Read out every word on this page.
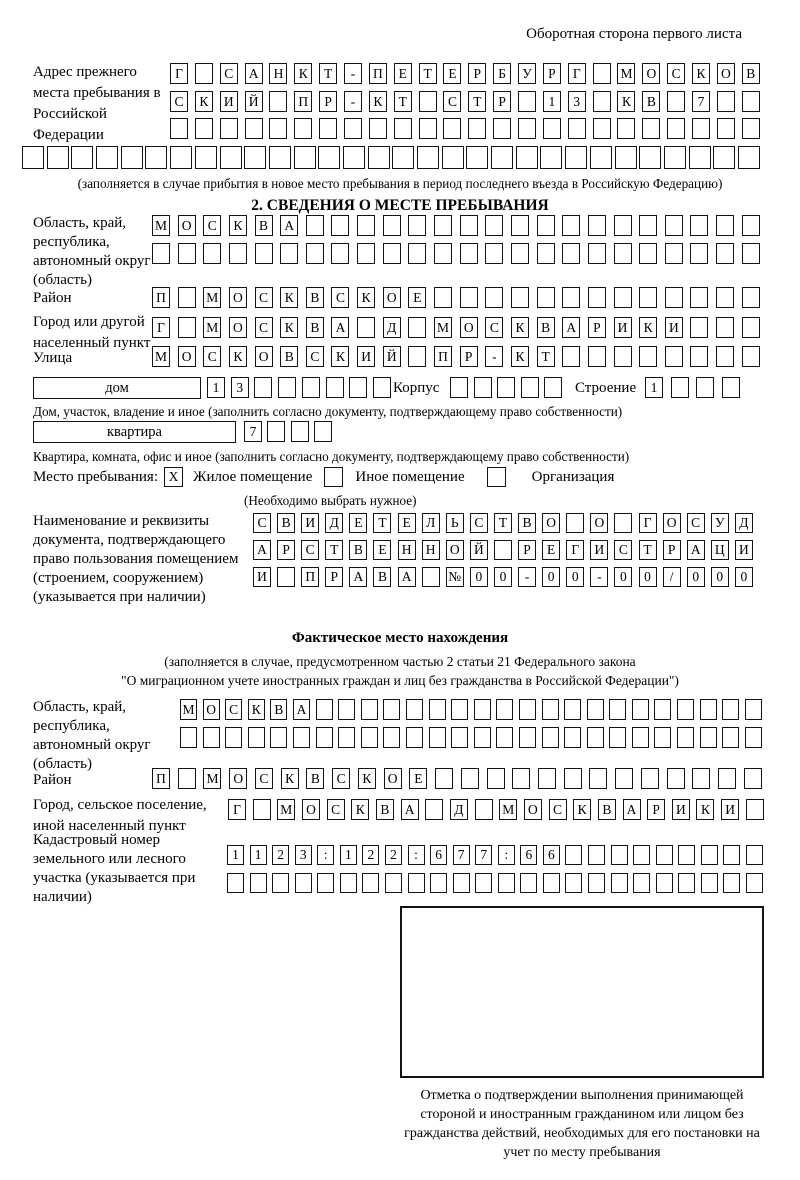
Оборотная сторона первого листа
Адрес прежнего места пребывания в Российской Федерации
Г	С	А	Н	К	Т	-	П	Е	Т	Е	Р	Б	У	Р	Г	М	О	С	К	О	В
С	К	И	Й	П	Р	-	К	Т	С	Т	Р	1	3	К	В	7
(заполняется в случае прибытия в новое место пребывания в период последнего въезда в Российскую Федерацию)
2. СВЕДЕНИЯ О МЕСТЕ ПРЕБЫВАНИЯ
Область, край, республика, автономный округ (область)
М	О	С	К	В	А
Район	П	М	О	С	К	В	С	К	О	Е
Город или другой населенный пункт
Г	М	О	С	К	В	А	Д	М	О	С	К	В	А	Р	И	К	И
Улица	М	О	С	К	О	В	С	К	И	Й	П	Р	-	К	Т
дом	1	3	Корпус	Строение	1
Дом, участок, владение и иное (заполнить согласно документу, подтверждающему право собственности)
квартира	7
Квартира, комната, офис и иное (заполнить согласно документу, подтверждающему право собственности)
Место пребывания: X Жилое помещение	Иное помещение	Организация
(Необходимо выбрать нужное)
Наименование и реквизиты документа, подтверждающего право пользования помещением (строением, сооружением) (указывается при наличии)
С	В	И	Д	Е	Т	Е	Л	Ь	С	Т	В	О	О	Г	О	С	У	Д
А	Р	С	Т	В	Е	Н	Н	О	Й	Р	Е	Г	И	С	Т	Р	А	Ц	И
И	П	Р	А	В	А	№	0	0	-	0	0	-	0	0	/	0	0	0
Фактическое место нахождения
(заполняется в случае, предусмотренном частью 2 статьи 21 Федерального закона
"О миграционном учете иностранных граждан и лиц без гражданства в Российской Федерации")
Область, край, республика, автономный округ (область)
М О С К В А
Район	П	М	О	С	К	В	С	К	О	Е
Город, сельское поселение, иной населенный пункт
Г	М	О	С	К	В	А	Д	М	О	С	К	В	А	Р	И	К	И
Кадастровый номер земельного или лесного участка (указывается при наличии)
1	1	2	3	:	1	2	2	:	6	7	7	:	6	6
Отметка о подтверждении выполнения принимающей стороной и иностранным гражданином или лицом без гражданства действий, необходимых для его постановки на учет по месту пребывания
